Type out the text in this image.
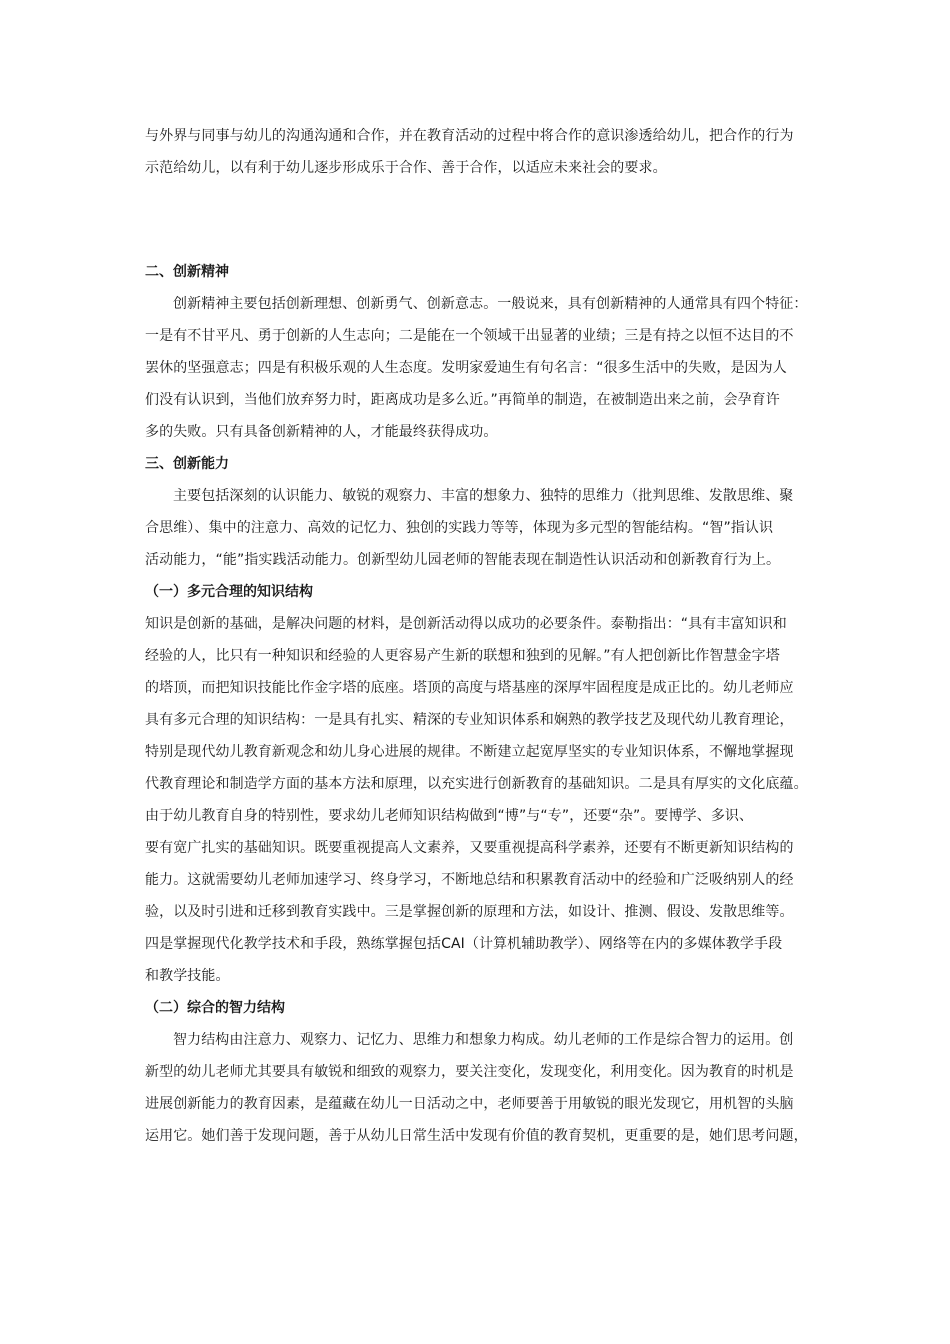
与外界与同事与幼儿的沟通沟通和合作，并在教育活动的过程中将合作的意识渗透给幼儿，把合作的行为
示范给幼儿，以有利于幼儿逐步形成乐于合作、善于合作，以适应未来社会的要求。
二、创新精神
创新精神主要包括创新理想、创新勇气、创新意志。一般说来，具有创新精神的人通常具有四个特征：
一是有不甘平凡、勇于创新的人生志向；二是能在一个领域干出显著的业绩；三是有持之以恒不达目的不
罢休的坚强意志；四是有积极乐观的人生态度。发明家爱迪生有句名言：“很多生活中的失败，是因为人
们没有认识到，当他们放弃努力时，距离成功是多么近。”再简单的制造，在被制造出来之前，会孕育许
多的失败。只有具备创新精神的人，才能最终获得成功。
三、创新能力
主要包括深刻的认识能力、敏锐的观察力、丰富的想象力、独特的思维力（批判思维、发散思维、聚
合思维）、集中的注意力、高效的记忆力、独创的实践力等等，体现为多元型的智能结构。“智”指认识
活动能力，“能”指实践活动能力。创新型幼儿园老师的智能表现在制造性认识活动和创新教育行为上。
（一）多元合理的知识结构
知识是创新的基础，是解决问题的材料，是创新活动得以成功的必要条件。泰勒指出：“具有丰富知识和
经验的人，比只有一种知识和经验的人更容易产生新的联想和独到的见解。”有人把创新比作智慧金字塔
的塔顶，而把知识技能比作金字塔的底座。塔顶的高度与塔基座的深厚牢固程度是成正比的。幼儿老师应
具有多元合理的知识结构：一是具有扎实、精深的专业知识体系和娴熟的教学技艺及现代幼儿教育理论，
特别是现代幼儿教育新观念和幼儿身心进展的规律。不断建立起宽厚坚实的专业知识体系，不懈地掌握现
代教育理论和制造学方面的基本方法和原理，以充实进行创新教育的基础知识。二是具有厚实的文化底蕴。
由于幼儿教育自身的特别性，要求幼儿老师知识结构做到“博”与“专”，还要“杂”。要博学、多识、
要有宽广扎实的基础知识。既要重视提高人文素养，又要重视提高科学素养，还要有不断更新知识结构的
能力。这就需要幼儿老师加速学习、终身学习，不断地总结和积累教育活动中的经验和广泛吸纳别人的经
验，以及时引进和迁移到教育实践中。三是掌握创新的原理和方法，如设计、推测、假设、发散思维等。
四是掌握现代化教学技术和手段，熟练掌握包括CAI（计算机辅助教学）、网络等在内的多媒体教学手段
和教学技能。
（二）综合的智力结构
智力结构由注意力、观察力、记忆力、思维力和想象力构成。幼儿老师的工作是综合智力的运用。创
新型的幼儿老师尤其要具有敏锐和细致的观察力，要关注变化，发现变化，利用变化。因为教育的时机是
进展创新能力的教育因素，是蕴藏在幼儿一日活动之中，老师要善于用敏锐的眼光发现它，用机智的头脑
运用它。她们善于发现问题，善于从幼儿日常生活中发现有价值的教育契机，更重要的是，她们思考问题，
